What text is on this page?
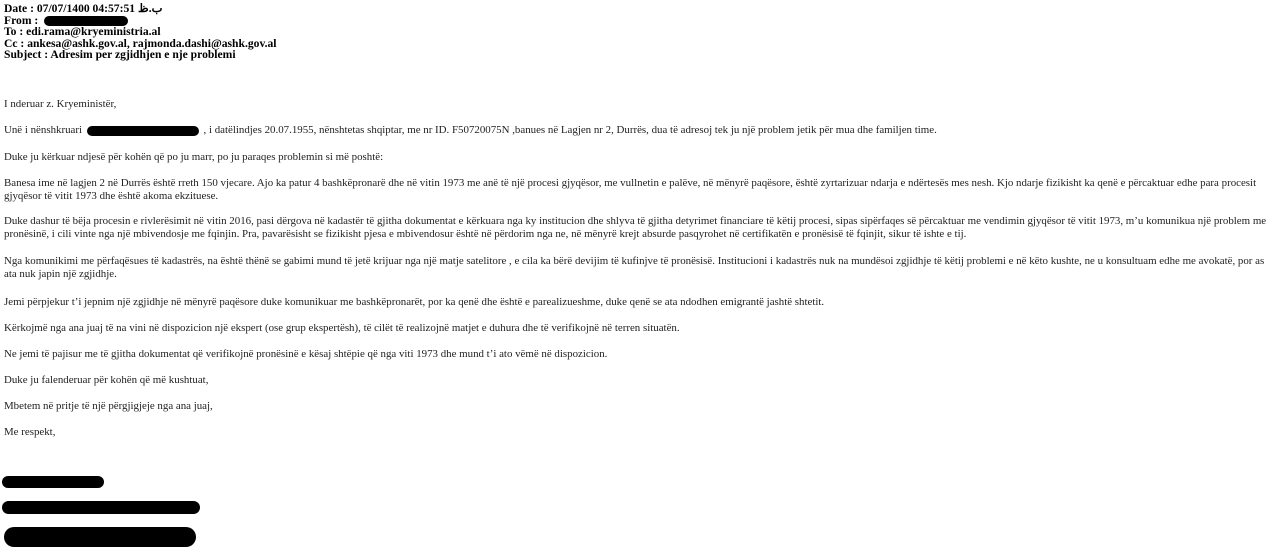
Date : 07/07/1400 04:57:51 ب.ظ
From :
To : edi.rama@kryeministria.al
Cc : ankesa@ashk.gov.al, rajmonda.dashi@ashk.gov.al
Subject : Adresim per zgjidhjen e nje problemi

I nderuar z. Kryeministër,

Unë i nënshkruari	, i datëlindjes 20.07.1955, nënshtetas shqiptar, me nr ID. F50720075N ,banues në Lagjen nr 2, Durrës, dua të adresoj tek ju një problem jetik për mua dhe familjen time.

Duke ju kërkuar ndjesë për kohën që po ju marr, po ju paraqes problemin si më poshtë:

Banesa ime në lagjen 2 në Durrës është rreth 150 vjecare. Ajo ka patur 4 bashkëpronarë dhe në vitin 1973 me anë të një procesi gjyqësor, me vullnetin e palëve, në mënyrë paqësore, është zyrtarizuar ndarja e ndërtesës mes nesh. Kjo ndarje fizikisht ka qenë e përcaktuar edhe para procesit gjyqësor të vitit 1973 dhe është akoma ekzituese.

Duke dashur të bëja procesin e rivlerësimit në vitin 2016, pasi dërgova në kadastër të gjitha dokumentat e kërkuara nga ky institucion dhe shlyva të gjitha detyrimet financiare të këtij procesi, sipas sipërfaqes së përcaktuar me vendimin gjyqësor të vitit 1973, m’u komunikua një problem me pronësinë, i cili vinte nga një mbivendosje me fqinjin. Pra, pavarësisht se fizikisht pjesa e mbivendosur është në përdorim nga ne, në mënyrë krejt absurde pasqyrohet në certifikatën e pronësisë të fqinjit, sikur të ishte e tij.

Nga komunikimi me përfaqësues të kadastrës, na është thënë se gabimi mund të jetë krijuar nga një matje satelitore , e cila ka bërë devijim të kufinjve të pronësisë. Institucioni i kadastrës nuk na mundësoi zgjidhje të këtij problemi e në këto kushte, ne u konsultuam edhe me avokatë, por as ata nuk japin një zgjidhje.

Jemi përpjekur t’i jepnim një zgjidhje në mënyrë paqësore duke komunikuar me bashkëpronarët, por ka qenë dhe është e parealizueshme, duke qenë se ata ndodhen emigrantë jashtë shtetit.

Kërkojmë nga ana juaj të na vini në dispozicion një ekspert (ose grup ekspertësh), të cilët të realizojnë matjet e duhura dhe të verifikojnë në terren situatën.

Ne jemi të pajisur me të gjitha dokumentat që verifikojnë pronësinë e kësaj shtëpie që nga viti 1973 dhe mund t’i ato vëmë në dispozicion.

Duke ju falenderuar për kohën që më kushtuat,

Mbetem në pritje të një përgjigjeje nga ana juaj,

Me respekt,
